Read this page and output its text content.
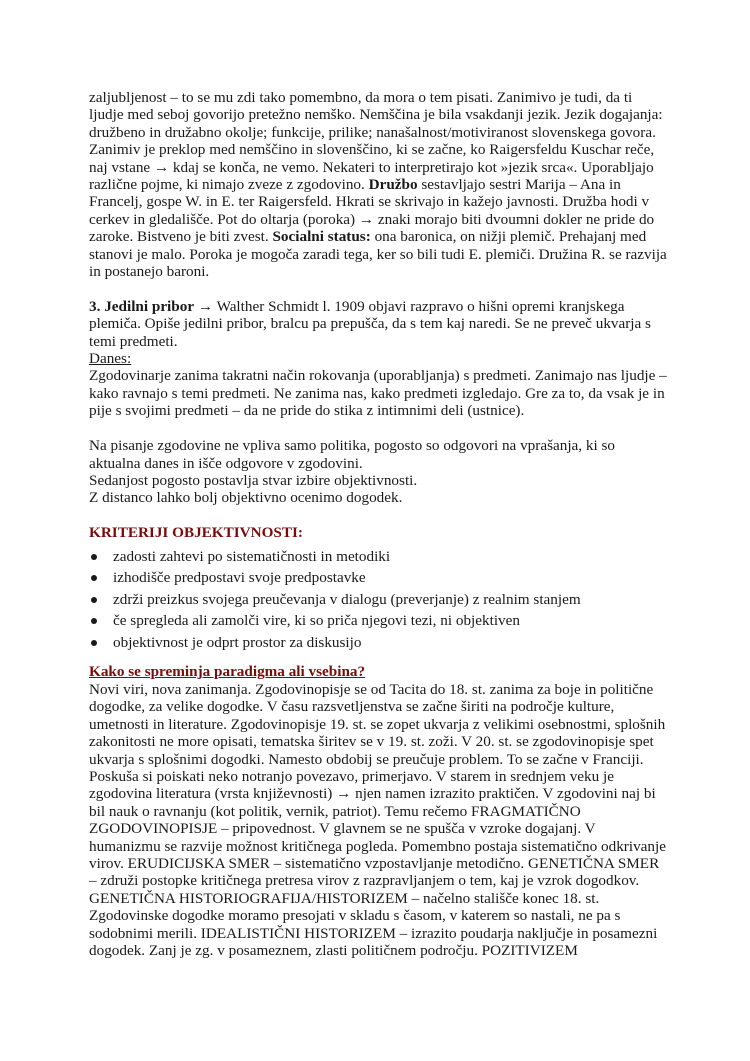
zaljubljenost – to se mu zdi tako pomembno, da mora o tem pisati. Zanimivo je tudi, da ti ljudje med seboj govorijo pretežno nemško. Nemščina je bila vsakdanji jezik. Jezik dogajanja: družbeno in družabno okolje; funkcije, prilike; nanašalnost/motiviranost slovenskega govora. Zanimiv je preklop med nemščino in slovenščino, ki se začne, ko Raigersfeldu Kuschar reče, naj vstane → kdaj se konča, ne vemo. Nekateri to interpretirajo kot »jezik srca«. Uporabljajo različne pojme, ki nimajo zveze z zgodovino. Družbo sestavljajo sestri Marija – Ana in Francelj, gospe W. in E. ter Raigersfeld. Hkrati se skrivajo in kažejo javnosti. Družba hodi v cerkev in gledališče. Pot do oltarja (poroka) → znaki morajo biti dvoumni dokler ne pride do zaroke. Bistveno je biti zvest. Socialni status: ona baronica, on nižji plemič. Prehajanj med stanovi je malo. Poroka je mogoča zaradi tega, ker so bili tudi E. plemiči. Družina R. se razvija in postanejo baroni.

3. Jedilni pribor → Walther Schmidt l. 1909 objavi razpravo o hišni opremi kranjskega plemiča. Opiše jedilni pribor, bralcu pa prepušča, da s tem kaj naredi. Se ne preveč ukvarja s temi predmeti.

Danes:

Zgodovinarje zanima takratni način rokovanja (uporabljanja) s predmeti. Zanimajo nas ljudje – kako ravnajo s temi predmeti. Ne zanima nas, kako predmeti izgledajo. Gre za to, da vsak je in pije s svojimi predmeti – da ne pride do stika z intimnimi deli (ustnice).

Na pisanje zgodovine ne vpliva samo politika, pogosto so odgovori na vprašanja, ki so aktualna danes in išče odgovore v zgodovini.

Sedanjost pogosto postavlja stvar izbire objektivnosti.

Z distanco lahko bolj objektivno ocenimo dogodek.

KRITERIJI OBJEKTIVNOSTI:

zadosti zahtevi po sistematičnosti in metodiki
izhodišče predpostavi svoje predpostavke
zdrži preizkus svojega preučevanja v dialogu (preverjanje) z realnim stanjem
če spregleda ali zamolči vire, ki so priča njegovi tezi, ni objektiven
objektivnost je odprt prostor za diskusijo

Kako se spreminja paradigma ali vsebina?

Novi viri, nova zanimanja. Zgodovinopisje se od Tacita do 18. st. zanima za boje in politične dogodke, za velike dogodke. V času razsvetljenstva se začne širiti na področje kulture, umetnosti in literature. Zgodovinopisje 19. st. se zopet ukvarja z velikimi osebnostmi, splošnih zakonitosti ne more opisati, tematska širitev se v 19. st. zoži. V 20. st. se zgodovinopisje spet ukvarja s splošnimi dogodki. Namesto obdobij se preučuje problem. To se začne v Franciji. Poskuša si poiskati neko notranjo povezavo, primerjavo. V starem in srednjem veku je zgodovina literatura (vrsta književnosti) → njen namen izrazito praktičen. V zgodovini naj bi bil nauk o ravnanju (kot politik, vernik, patriot). Temu rečemo FRAGMATIČNO ZGODOVINOPISJE – pripovednost. V glavnem se ne spušča v vzroke dogajanj. V humanizmu se razvije možnost kritičnega pogleda. Pomembno postaja sistematično odkrivanje virov. ERUDICIJSKA SMER – sistematično vzpostavljanje metodično. GENETIČNA SMER – združi postopke kritičnega pretresa virov z razpravljanjem o tem, kaj je vzrok dogodkov. GENETIČNA HISTORIOGRAFIJA/HISTORIZEM – načelno stališče konec 18. st. Zgodovinske dogodke moramo presojati v skladu s časom, v katerem so nastali, ne pa s sodobnimi merili. IDEALISTIČNI HISTORIZEM – izrazito poudarja naključje in posamezni dogodek. Zanj je zg. v posameznem, zlasti političnem področju. POZITIVIZEM
